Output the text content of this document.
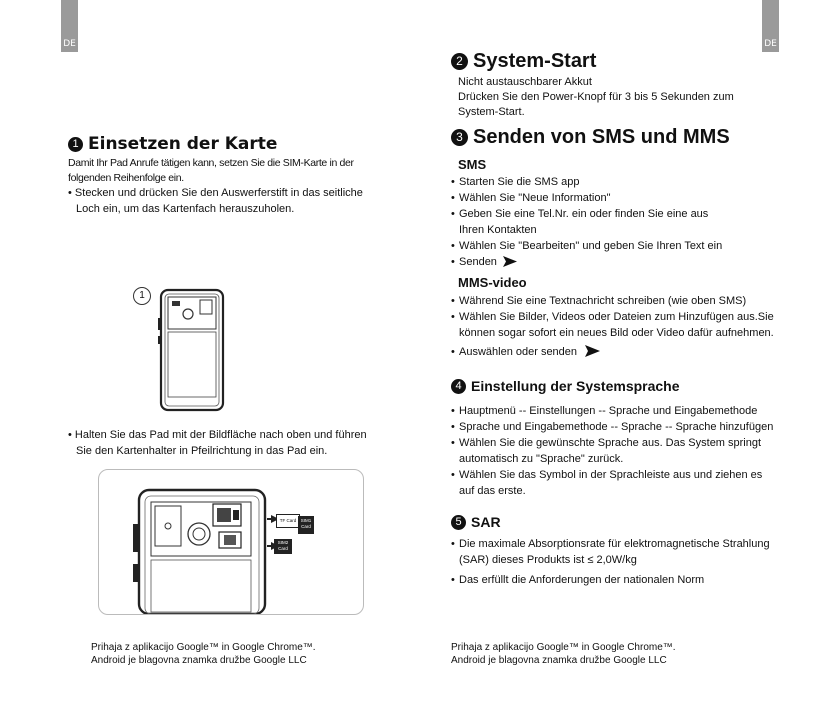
DE	DE
1 Einsetzen der Karte
Damit Ihr Pad Anrufe tätigen kann, setzen Sie die SIM-Karte in der
folgenden Reihenfolge ein.
• Stecken und drücken Sie den Auswerferstift in das seitliche
Loch ein, um das Kartenfach herauszuholen.
1
• Halten Sie das Pad mit der Bildfläche nach oben und führen
Sie den Kartenhalter in Pfeilrichtung in das Pad ein.
TF Card SIM1 Card
SIM2 Card
Prihaja z aplikacijo Google™ in Google Chrome™.
Android je blagovna znamka družbe Google LLC
2 System-Start
Nicht austauschbarer Akkut
Drücken Sie den Power-Knopf für 3 bis 5 Sekunden zum
System-Start.
3 Senden von SMS und MMS
SMS
• Starten Sie die SMS app
• Wählen Sie "Neue Information"
• Geben Sie eine Tel.Nr. ein oder finden Sie eine aus
Ihren Kontakten
• Wählen Sie "Bearbeiten" und geben Sie Ihren Text ein
• Senden
MMS-video
• Während Sie eine Textnachricht schreiben (wie oben SMS)
• Wählen Sie Bilder, Videos oder Dateien zum Hinzufügen aus.Sie
können sogar sofort ein neues Bild oder Video dafür aufnehmen.
• Auswählen oder senden
4 Einstellung der Systemsprache
• Hauptmenü -- Einstellungen -- Sprache und Eingabemethode
• Sprache und Eingabemethode -- Sprache -- Sprache hinzufügen
• Wählen Sie die gewünschte Sprache aus. Das System springt
automatisch zu "Sprache" zurück.
• Wählen Sie das Symbol in der Sprachleiste aus und ziehen es
auf das erste.
5 SAR
• Die maximale Absorptionsrate für elektromagnetische Strahlung
(SAR) dieses Produkts ist ≤ 2,0W/kg
• Das erfüllt die Anforderungen der nationalen Norm
Prihaja z aplikacijo Google™ in Google Chrome™.
Android je blagovna znamka družbe Google LLC
